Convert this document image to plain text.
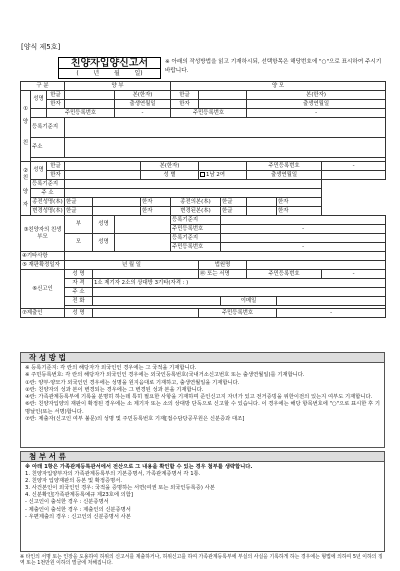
[양식 제5호]
친양자입양신고서
( 년 월 일)
※ 아래의 작성방법을 읽고 기재하시되, 선택항목은 해당번호에 "○"으로 표시하여 주시기 바랍니다.
구 분			양 부				양 모					
①

양

친	성명	한글			본(한자)		한글			본(한자)		
		한자			출생연월일		한자			출생연월일		
		주민등록번호			-		주민등록번호			-		
	등록기준지											
	주소											

②
친

양

자	성명	한글				본(한자)				주민등록번호		-
		한자				성 별		1남 2여		출생연월일		
	등록기준지											
	주 소											
	종전성명(本)		한글			한자	종전의본(本)		한글		한자	
	변경성명(本)		한글			한자	변경된본(本)		한글		한자	
③친양자의 친생부모			부	성명			등록기준지					
							주민등록번호		-			
			모	성명			등록기준지					
							주민등록번호		-			
④기타사항												
⑤ 재판확정일자			년 월 일					법원명				
⑥신고인			성 명					㊞ 또는 서명		주민등록번호		-
			자 격	1소 제기자 2소의 상대방 3기타(자격 : )								
			주 소									
			전 화						이메일			

⑦제출인			성 명					주민등록번호			-	
작 성 방 법
※ 등록기준지: 각 란의 해당자가 외국인인 경우에는 그 국적을 기재합니다.
※ 주민등록번호: 각 란의 해당자가 외국인인 경우에는 외국인등록번호(국내거소신고번호 또는 출생연월일)를 기재합니다.
①란: 양부·양모가 외국인인 경우에는 성명을 원지음대로 기재하고, 출생연월일을 기재합니다.
②란: 친양자의 성과 본이 변경되는 경우에는 그 변경된 성과 본을 기재합니다.
④란: 가족관계등록부에 기록을 분명히 하는데 특히 필요한 사항을 기재하며 준인신고지 자녀가 있고 전거증빙을 위한이전의 있는지 여부도 기재합니다.
⑥란: 친양자입양의 재판이 확정된 경우에는 소 제기자 또는 소의 상대방 단독으로 신고할 수 있습니다. 이 경우에는 해당 항목번호에 "○"으로 표시한 후 기명날인(또는 서명)합니다.
⑦란: 제출자(신고인 여부 불문)의 성명 및 주민등록번호 기재[접수담당공무원은 신분증과 대조]
첨 부 서 류
※ 아래 1항은 가족관계등록관서에서 전산으로 그 내용을 확인할 수 있는 경우 첨부를 생략합니다.
1. 친양자입양부자의 가족관계등록부의 기본증명서, 가족관계증명서 각 1통.
2. 친양자 입양재판의 등본 및 확정증명서.
3. 사건본인이 외국인인 경우: 국적을 증명하는 서면(여권 또는 외국인등록증) 사본
4. 신분확인[가족관계등록예규 제23호에 의함]
- 신고인이 출석한 경우 : 신분증명서
- 제출인이 출석한 경우 : 제출인의 신분증명서
- 우편제출의 경우 : 신고인의 신분증명서 사본
※ 타인의 서명 또는 인장을 도용하여 허위의 신고서를 제출하거나, 허위신고를 하여 가족관계등록부에 부실의 사실을 기록하게 하는 경우에는 형법에 의하여 5년 이하의 징역 또는 1천만원 이하의 벌금에 처해집니다.
